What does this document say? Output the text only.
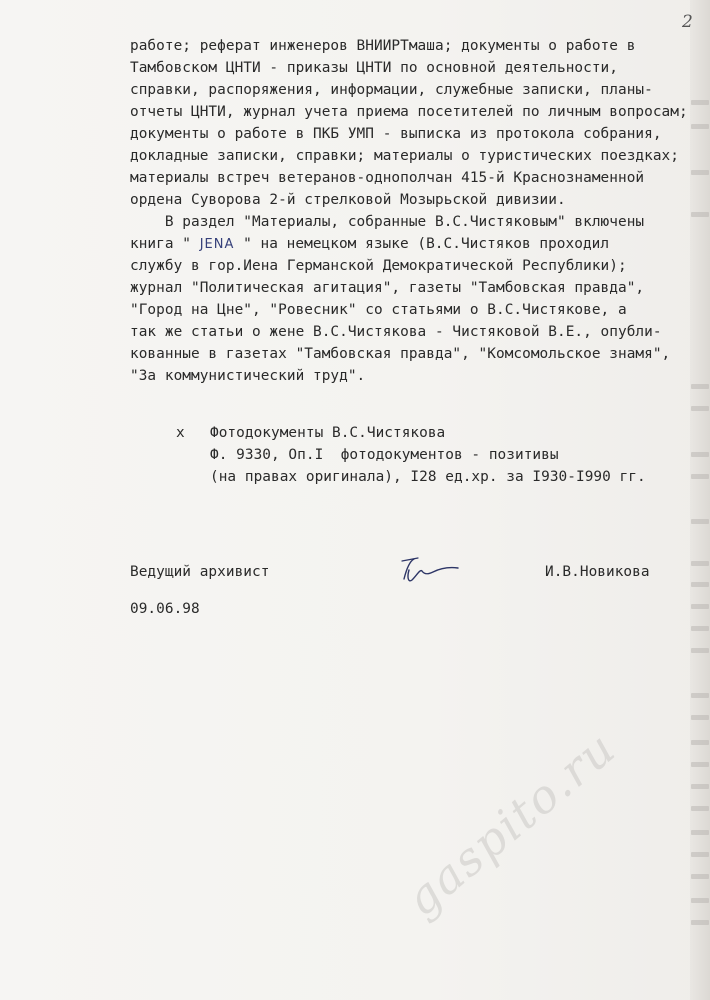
2
работе; реферат инженеров ВНИИРТмаша; документы о работе в
Тамбовском ЦНТИ - приказы ЦНТИ по основной деятельности,
справки, распоряжения, информации, служебные записки, планы-
отчеты ЦНТИ, журнал учета приема посетителей по личным вопросам;
документы о работе в ПКБ УМП - выписка из протокола собрания,
докладные записки, справки; материалы о туристических поездках;
материалы встреч ветеранов-однополчан 415-й Краснознаменной
ордена Суворова 2-й стрелковой Мозырьской дивизии.
В раздел "Материалы, собранные В.С.Чистяковым" включены
книга " JENA " на немецком языке (В.С.Чистяков проходил
службу в гор.Иена Германской Демократической Республики);
журнал "Политическая агитация", газеты "Тамбовская правда",
"Город на Цне", "Ровесник" со статьями о В.С.Чистякове, а
так же статьи о жене В.С.Чистякова - Чистяковой В.Е., опубли-
кованные в газетах "Тамбовская правда", "Комсомольское знамя",
"За коммунистический труд".
x Фотодокументы В.С.Чистякова
Ф. 9330, Оп.I  фотодокументов - позитивы
(на правах оригинала), I28 ед.хр. за I930-I990 гг.
Ведущий архивист	И.В.Новикова
09.06.98
gaspito.ru
